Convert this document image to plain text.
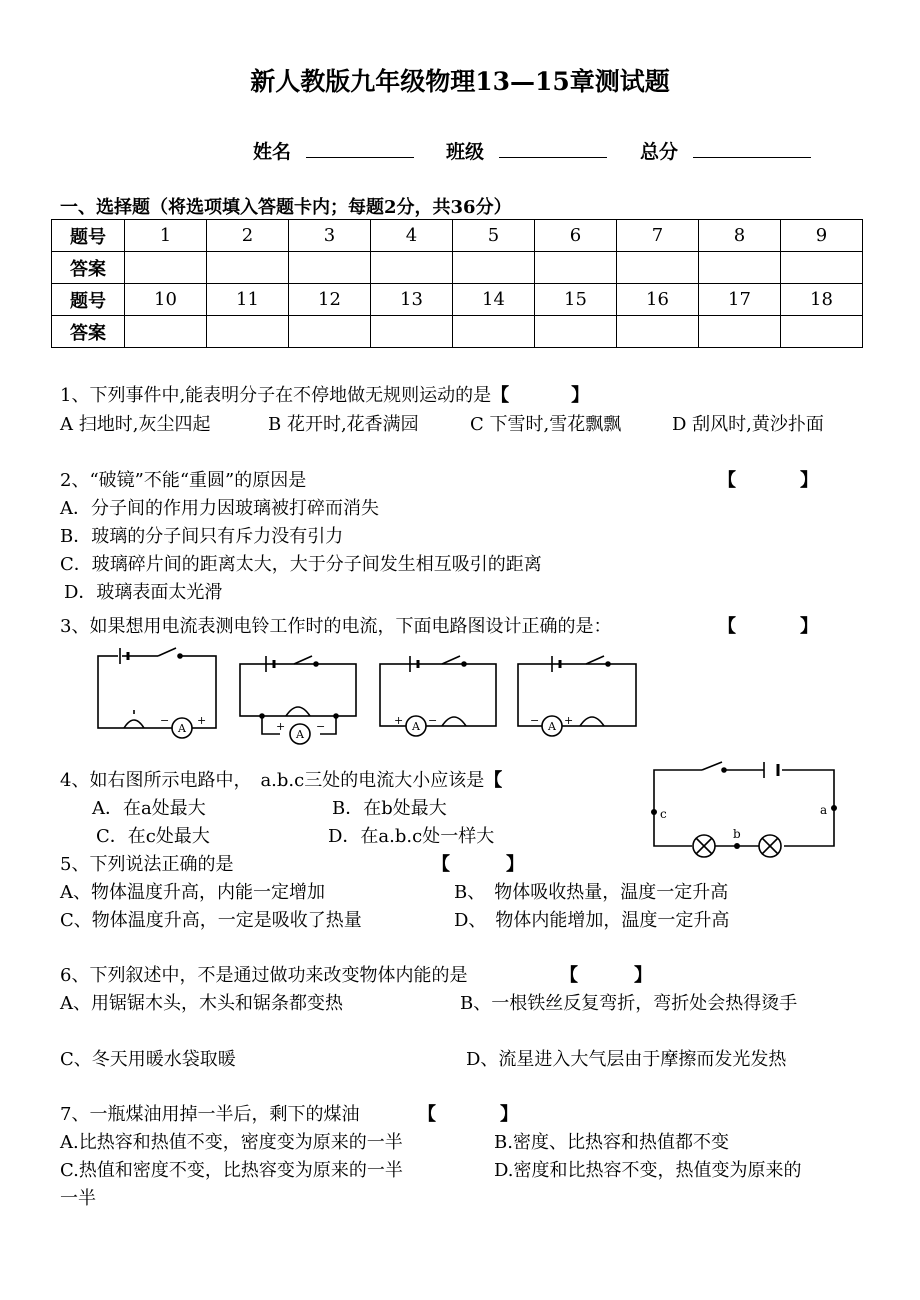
新人教版九年级物理13—15章测试题
姓名	班级	总分
一、选择题（将选项填入答题卡内；每题2分，共36分）
题号	1	2	3	4	5	6	7	8	9
答案									
题号	10	11	12	13	14	15	16	17	18
答案									
1、下列事件中,能表明分子在不停地做无规则运动的是【	】
A 扫地时,灰尘四起	B 花开时,花香满园	C 下雪时,雪花飘飘	D 刮风时,黄沙扑面
2、“破镜”不能“重圆”的原因是	【	】
A．分子间的作用力因玻璃被打碎而消失
B．玻璃的分子间只有斥力没有引力
C．玻璃碎片间的距离太大，大于分子间发生相互吸引的距离
D．玻璃表面太光滑
3、如果想用电流表测电铃工作时的电流，下面电路图设计正确的是：	【	】
A
−	+
A
+	−	A
+ −	A
− +
4、如右图所示电路中，　a.b.c三处的电流大小应该是【
A．在a处最大	B．在b处最大
C．在c处最大	D．在a.b.c处一样大
c
b
a
5、下列说法正确的是	【	】
A、物体温度升高，内能一定增加	B、　物体吸收热量，温度一定升高
C、物体温度升高，一定是吸收了热量	D、　物体内能增加，温度一定升高
6、下列叙述中，不是通过做功来改变物体内能的是	【	】
A、用锯锯木头，木头和锯条都变热	B、一根铁丝反复弯折，弯折处会热得烫手
C、冬天用暖水袋取暖	D、流星进入大气层由于摩擦而发光发热
7、一瓶煤油用掉一半后，剩下的煤油	【	】
A.比热容和热值不变，密度变为原来的一半	B.密度、比热容和热值都不变
C.热值和密度不变，比热容变为原来的一半	D.密度和比热容不变，热值变为原来的
一半
